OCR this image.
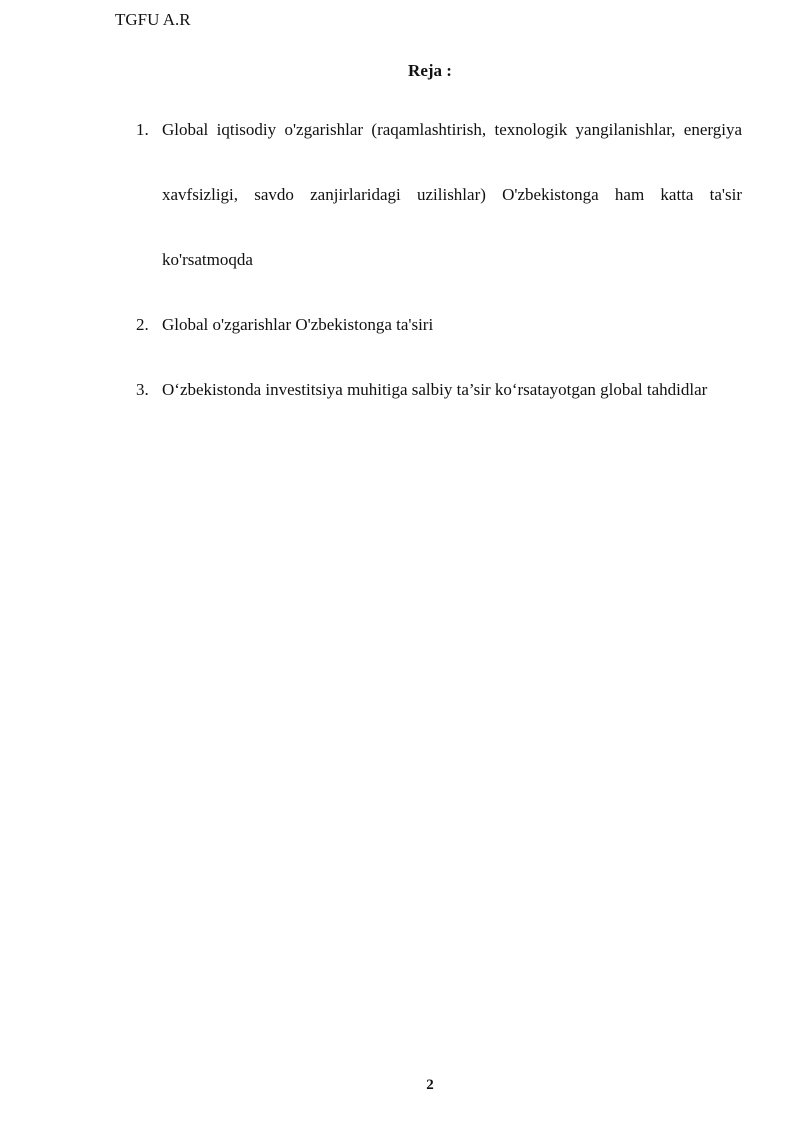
TGFU A.R
Reja :
1. Global iqtisodiy o'zgarishlar (raqamlashtirish, texnologik yangilanishlar, energiya xavfsizligi, savdo zanjirlaridagi uzilishlar) O'zbekistonga ham katta ta'sir ko'rsatmoqda
2. Global o'zgarishlar O'zbekistonga ta'siri
3. O‘zbekistonda investitsiya muhitiga salbiy ta’sir ko‘rsatayotgan global tahdidlar
2
